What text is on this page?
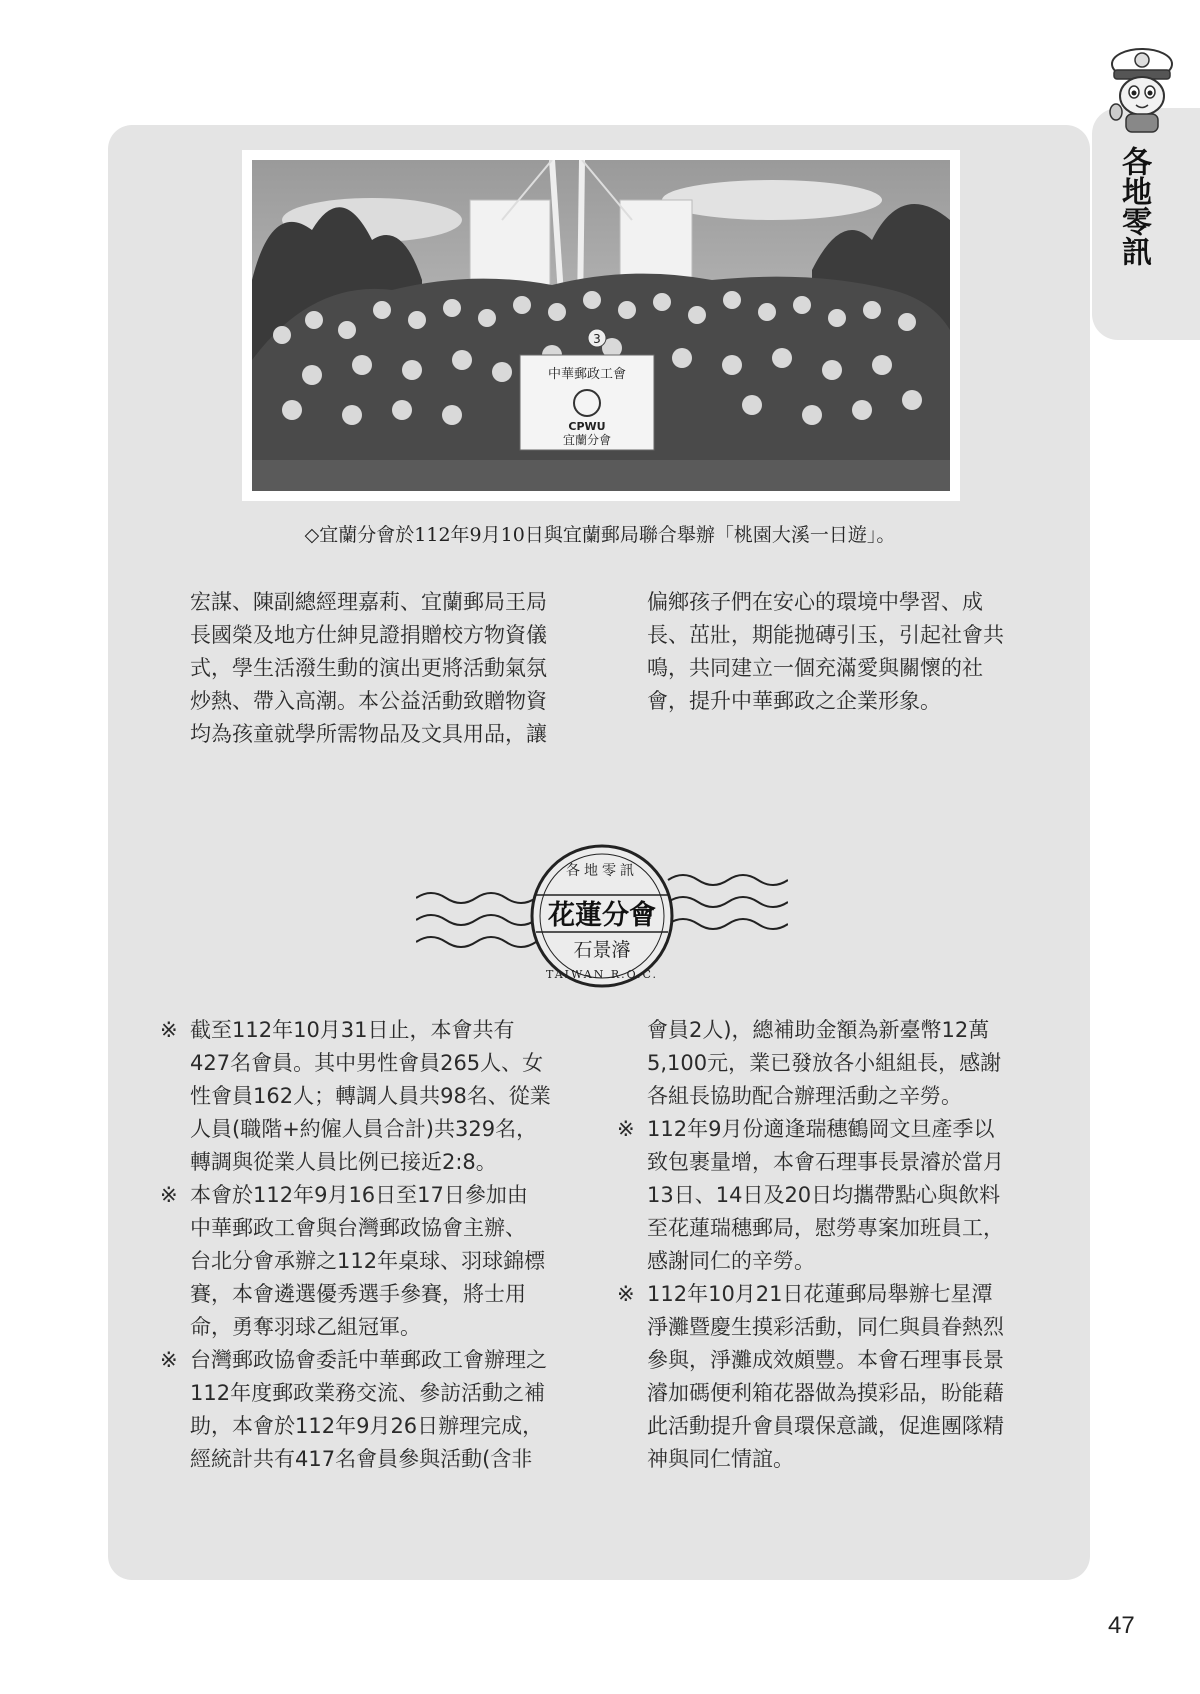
各地零訊
中華郵政工會
CPWU
宜蘭分會
3
◇宜蘭分會於112年9月10日與宜蘭郵局聯合舉辦「桃園大溪一日遊」。

宏謀、陳副總經理嘉莉、宜蘭郵局王局

長國榮及地方仕紳見證捐贈校方物資儀

式，學生活潑生動的演出更將活動氣氛

炒熱、帶入高潮。本公益活動致贈物資

均為孩童就學所需物品及文具用品，讓

偏鄉孩子們在安心的環境中學習、成

長、茁壯，期能拋磚引玉，引起社會共

鳴，共同建立一個充滿愛與關懷的社

會，提升中華郵政之企業形象。

各地零訊
花蓮分會
石景濬
TAIWAN R.O.C.
※ 截至112年10月31日止，本會共有

427名會員。其中男性會員265人、女

性會員162人；轉調人員共98名、從業

人員(職階+約僱人員合計)共329名，

轉調與從業人員比例已接近2:8。

※ 本會於112年9月16日至17日參加由

中華郵政工會與台灣郵政協會主辦、

台北分會承辦之112年桌球、羽球錦標

賽，本會遴選優秀選手參賽，將士用

命，勇奪羽球乙組冠軍。

※ 台灣郵政協會委託中華郵政工會辦理之

112年度郵政業務交流、參訪活動之補

助，本會於112年9月26日辦理完成，

經統計共有417名會員參與活動(含非

會員2人)，總補助金額為新臺幣12萬

5,100元，業已發放各小組組長，感謝

各組長協助配合辦理活動之辛勞。

※ 112年9月份適逢瑞穗鶴岡文旦產季以

致包裹量增，本會石理事長景濬於當月

13日、14日及20日均攜帶點心與飲料

至花蓮瑞穗郵局，慰勞專案加班員工，

感謝同仁的辛勞。

※ 112年10月21日花蓮郵局舉辦七星潭

淨灘暨慶生摸彩活動，同仁與員眷熱烈

參與，淨灘成效頗豐。本會石理事長景

濬加碼便利箱花器做為摸彩品，盼能藉

此活動提升會員環保意識，促進團隊精

神與同仁情誼。

47
